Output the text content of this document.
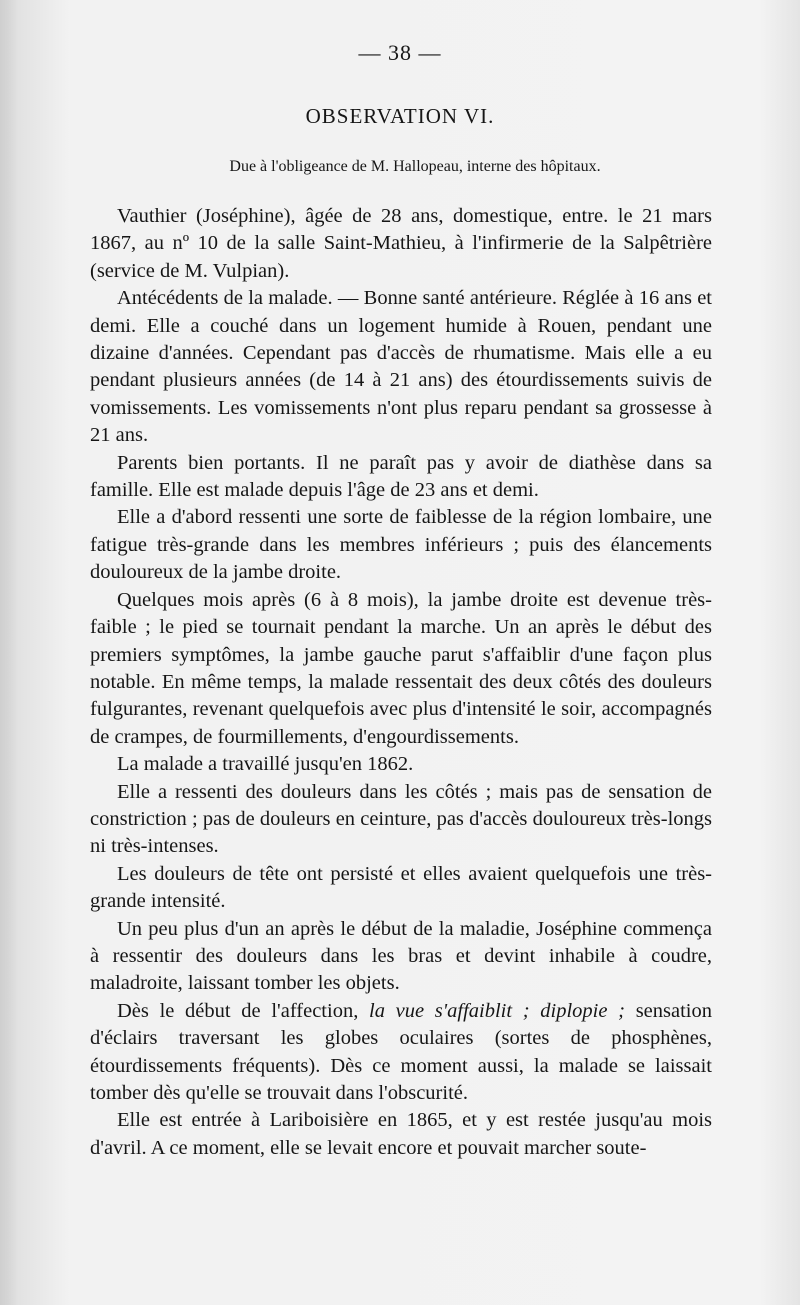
— 38 —
OBSERVATION VI.
Due à l'obligeance de M. Hallopeau, interne des hôpitaux.

Vauthier (Joséphine), âgée de 28 ans, domestique, entre. le 21 mars 1867, au nº 10 de la salle Saint-Mathieu, à l'infirmerie de la Salpêtrière (service de M. Vulpian).

Antécédents de la malade. — Bonne santé antérieure. Réglée à 16 ans et demi. Elle a couché dans un logement humide à Rouen, pendant une dizaine d'années. Cependant pas d'accès de rhumatisme. Mais elle a eu pendant plusieurs années (de 14 à 21 ans) des étourdissements suivis de vomissements. Les vomissements n'ont plus reparu pendant sa grossesse à 21 ans.

Parents bien portants. Il ne paraît pas y avoir de diathèse dans sa famille. Elle est malade depuis l'âge de 23 ans et demi.

Elle a d'abord ressenti une sorte de faiblesse de la région lombaire, une fatigue très-grande dans les membres inférieurs ; puis des élancements douloureux de la jambe droite.

Quelques mois après (6 à 8 mois), la jambe droite est devenue très-faible ; le pied se tournait pendant la marche. Un an après le début des premiers symptômes, la jambe gauche parut s'affaiblir d'une façon plus notable. En même temps, la malade ressentait des deux côtés des douleurs fulgurantes, revenant quelquefois avec plus d'intensité le soir, accompagnés de crampes, de fourmillements, d'engourdissements.

La malade a travaillé jusqu'en 1862.

Elle a ressenti des douleurs dans les côtés ; mais pas de sensation de constriction ; pas de douleurs en ceinture, pas d'accès douloureux très-longs ni très-intenses.

Les douleurs de tête ont persisté et elles avaient quelquefois une très-grande intensité.

Un peu plus d'un an après le début de la maladie, Joséphine commença à ressentir des douleurs dans les bras et devint inhabile à coudre, maladroite, laissant tomber les objets.

Dès le début de l'affection, la vue s'affaiblit ; diplopie ; sensation d'éclairs traversant les globes oculaires (sortes de phosphènes, étourdissements fréquents). Dès ce moment aussi, la malade se laissait tomber dès qu'elle se trouvait dans l'obscurité.

Elle est entrée à Lariboisière en 1865, et y est restée jusqu'au mois d'avril. A ce moment, elle se levait encore et pouvait marcher soute-
